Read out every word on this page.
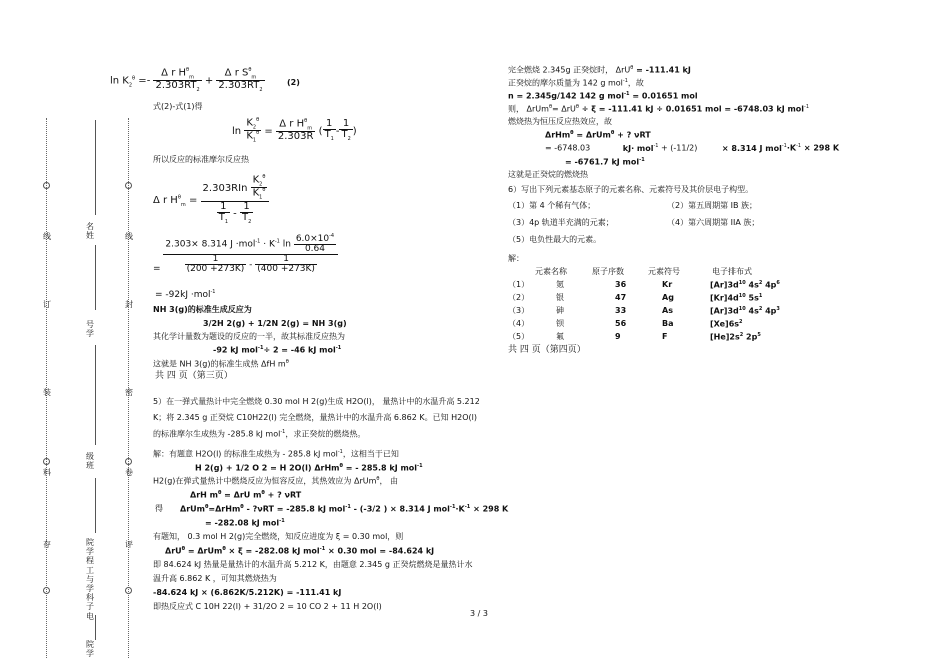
线
订
装
料
存
名
姓
号
学
级
班
院
学
程
工
与
学
科
子
电
院
学
线
封
密
卷
评
$\ln K_2^\theta =- \frac{\Delta r H^\theta_m}{2.303RT_2} + \frac{\Delta r S^\theta_m}{2.303RT_2}$	(2)
式(2)-式(1)得
$\ln \frac{K_2^\theta}{K_1^\theta} = \frac{\Delta r H^\theta_m}{2.303R}$ ( $\frac{1}{T_1} - \frac{1}{T_2}$ )
所以反应的标准摩尔反应热
Δ r $H^\theta_m = \frac{2.303RIn \frac{K_2^\theta}{K_1^\theta}}{\frac{1}{T_1} - \frac{1}{T_2}}$
= $\frac{2.303\times 8.314 J \cdot mol^{-1} \cdot K^{-1} \ln \frac{6.0\times 10^{-4}}{0.64}}{\frac{1}{(200 +273K)} - \frac{1}{(400 +273K)}}$
= -92kJ ·mol$^{-1}$
NH 3(g)的标准生成反应为
3/2H 2(g) + 1/2N 2(g) = NH 3(g)
其化学计量数为题设的反应的一半，故其标准反应热为
-92 kJ mol$^{-1}$÷ 2 = -46 kJ mol$^{-1}$
这就是 NH 3(g)的标准生成热 ΔfH $m^\theta$
共 四 页（第三页）
5）在一弹式量热计中完全燃烧 0.30 mol H 2(g)生成 H2O(l)， 量热计中的水温升高 5.212
K；将 2.345 g 正癸烷 C10H22(l) 完全燃烧，量热计中的水温升高 6.862 K。已知 H2O(l)
的标准摩尔生成热为 -285.8 kJ mol$^{-1}$，求正癸烷的燃烧热。
解：有题意 H2O(l) 的标准生成热为 - 285.8 kJ mol$^{-1}$，这相当于已知
H 2(g) + 1/2 O 2 = H 2O(l) ΔrHm$^\theta$ = - 285.8 kJ mol$^{-1}$
H2(g)在弹式量热计中燃烧反应为恒容反应，其热效应为 ΔrUm$^\theta$， 由
ΔrH $m^\theta = \Delta rU$ $m^\theta$ + ? νRT
得 ΔrUm$^\theta$=ΔrHm$^\theta$ - ?νRT = -285.8 kJ mol$^{-1}$ - (-3/2 ) × 8.314 J $mol^{-1}\cdot K^{-1} \times 298$ K
= -282.08 kJ mol$^{-1}$
有题知， 0.3 mol H 2(g)完全燃烧，知反应进度为 ξ = 0.30 mol，则
ΔrU$^\theta$ = ΔrUm$^\theta$ × ξ = -282.08 kJ mol$^{-1}$ × 0.30 mol = -84.624 kJ
即 84.624 kJ 热量是量热计的水温升高 5.212 K，由题意 2.345 g 正癸烷燃烧是量热计水
温升高 6.862 K ，可知其燃烧热为
-84.624 kJ × (6.862K/5.212K) = -111.41 kJ
即热反应式 C 10H 22(l) + 31/2O 2 = 10 CO 2 + 11 H 2O(l)
3 / 3
完全燃烧 2.345g 正癸烷时， ΔrU$^\theta$ = -111.41 kJ
正癸烷的摩尔质量为 142 g mol$^{-1}$，故
n = 2.345g/142 142 g mol$^{-1}$ = 0.01651 mol
则， ΔrUm$^\theta$= ΔrU$^\theta$ ÷ ξ = -111.41 kJ ÷ 0.01651 mol = -6748.03 kJ mol$^{-1}$
燃烧热为恒压反应热效应，故
ΔrHm$^\theta$ = ΔrUm$^\theta$ + ? νRT
= -6748.03	kJ· mol$^{-1}$ + (-11/2)	× 8.314 J $mol^{-1}\cdot K^{-1} \times 298$ K
= -6761.7 kJ mol$^{-1}$
这就是正癸烷的燃烧热
6）写出下列元素基态原子的元素名称、元素符号及其价层电子构型。
（1）第 4 个稀有气体；	（2）第五周期第 IB 族；
（3）4p 轨道半充满的元素；	（4）第六周期第 IIA 族；
（5）电负性最大的元素。
解：
元素名称	原子序数	元素符号	电子排布式
（1）	氪	36	Kr	$[Ar]3d^{10}$ $4s^2$ $4p^6$
（2）	银	47	Ag	$[Kr]4d^{10}$ $5s^1$
（3）	砷	33	As	$[Ar]3d^{10}$ $4s^2$ $4p^3$
（4）	钡	56	Ba	$[Xe]6s^2$
（5）	氟	9	F	$[He]2s^2$ $2p^5$
共 四 页（第四页）
